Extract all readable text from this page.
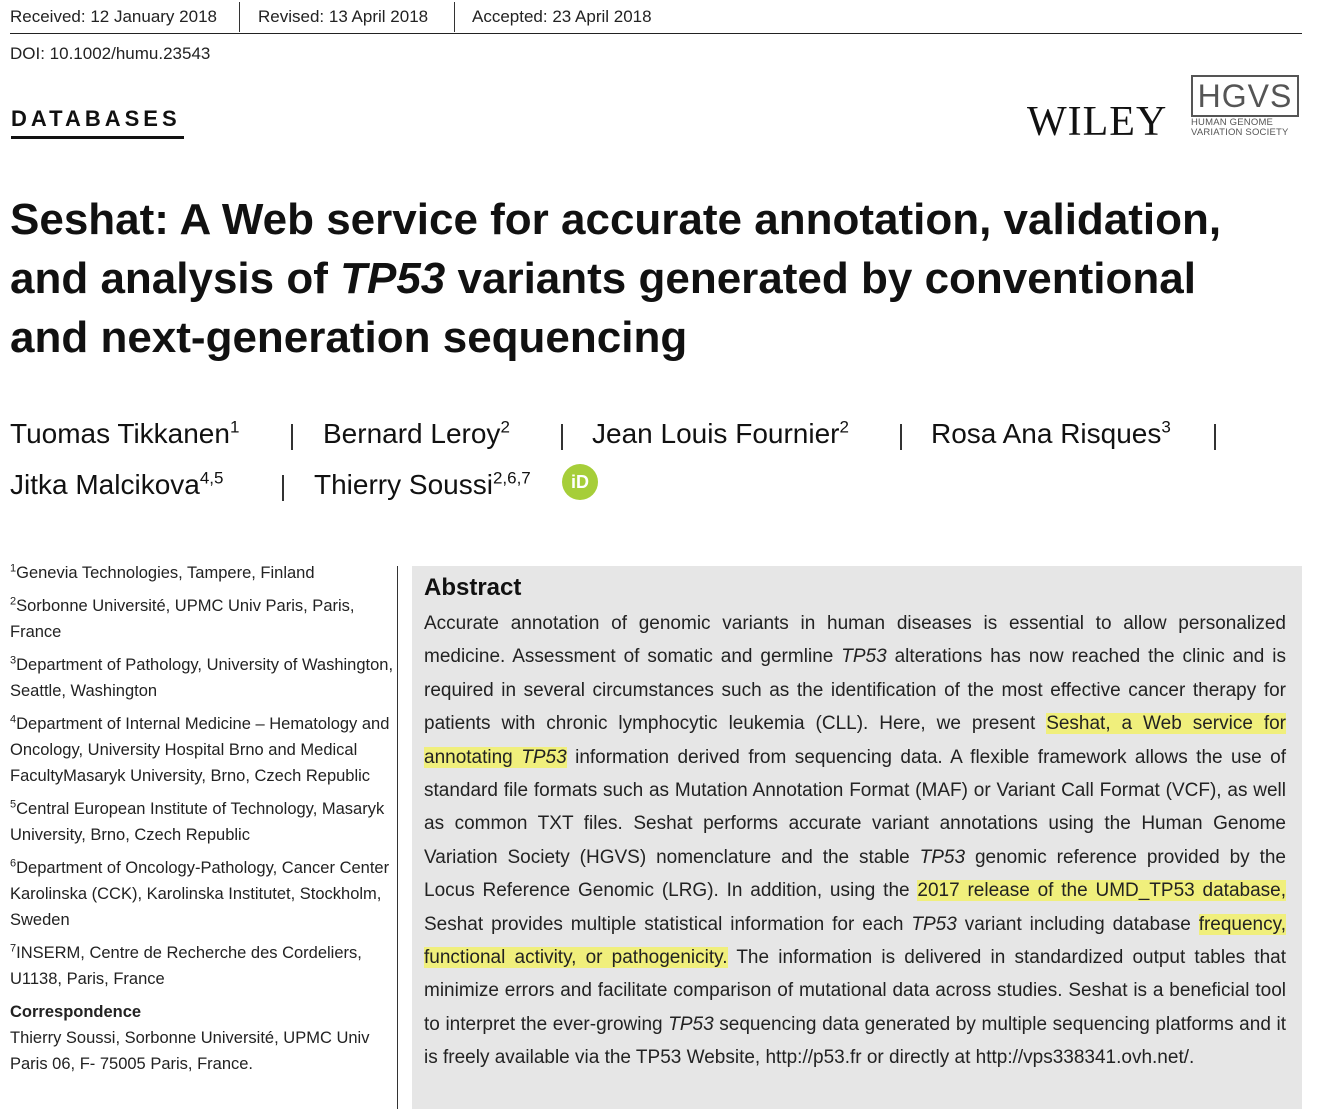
Received: 12 January 2018 Revised: 13 April 2018	Accepted: 23 April 2018
DOI: 10.1002/humu.23543
DATABASES	WILEY
HGVS
HUMAN GENOME
VARIATION SOCIETY
Seshat: A Web service for accurate annotation, validation,
and analysis of TP53 variants generated by conventional
and next-generation sequencing
Tuomas Tikkanen$^1$	Bernard Leroy$^2$	Jean Louis Fournier$^2$	Rosa Ana Risques$^3$
Jitka Malcikova$^{4,5}$	Thierry Soussi$^{2,6,7}$	iD
$^1$Genevia Technologies, Tampere, Finland
$^2$Sorbonne Université, UPMC Univ Paris, Paris, France
$^3$Department of Pathology, University of Washington, Seattle, Washington
$^4$Department of Internal Medicine – Hematology and Oncology, University Hospital Brno and Medical FacultyMasaryk University, Brno, Czech Republic
$^5$Central European Institute of Technology, Masaryk University, Brno, Czech Republic
$^6$Department of Oncology-Pathology, Cancer Center Karolinska (CCK), Karolinska Institutet, Stockholm, Sweden
$^7$INSERM, Centre de Recherche des Cordeliers, U1138, Paris, France
Correspondence
Thierry Soussi, Sorbonne Université, UPMC Univ Paris 06, F- 75005 Paris, France.
Abstract

Accurate annotation of genomic variants in human diseases is essential to allow personalized medicine. Assessment of somatic and germline TP53 alterations has now reached the clinic and is required in several circumstances such as the identification of the most effective cancer therapy for patients with chronic lymphocytic leukemia (CLL). Here, we present Seshat, a Web service for annotating TP53 information derived from sequencing data. A flexible framework allows the use of standard file formats such as Mutation Annotation Format (MAF) or Variant Call Format (VCF), as well as common TXT files. Seshat performs accurate variant annotations using the Human Genome Variation Society (HGVS) nomenclature and the stable TP53 genomic reference provided by the Locus Reference Genomic (LRG). In addition, using the 2017 release of the UMD_TP53 database, Seshat provides multiple statistical information for each TP53 variant including database frequency, functional activity, or pathogenicity. The information is delivered in standardized output tables that minimize errors and facilitate comparison of mutational data across studies. Seshat is a beneficial tool to interpret the ever-growing TP53 sequencing data generated by multiple sequencing platforms and it is freely available via the TP53 Website, http://p53.fr or directly at http://vps338341.ovh.net/.
